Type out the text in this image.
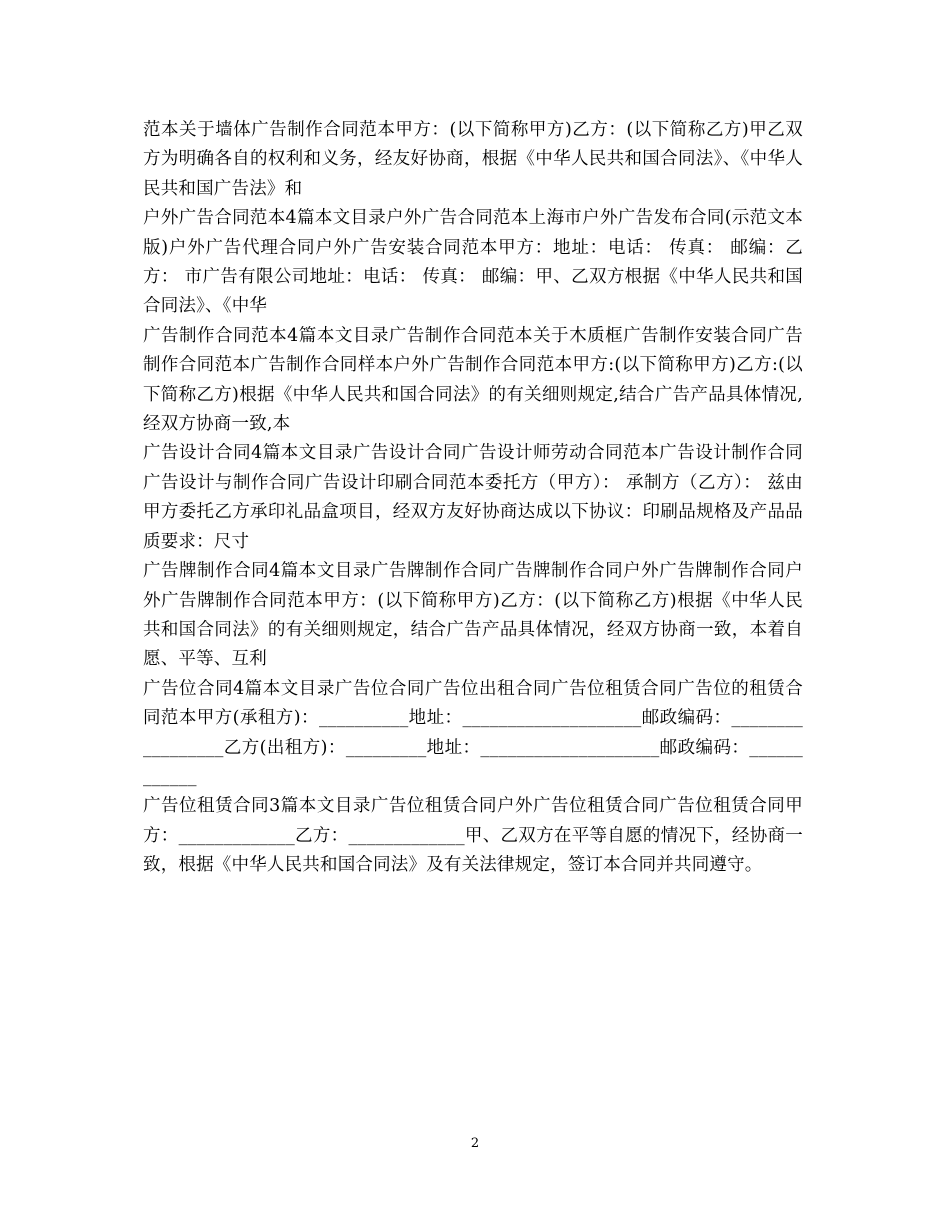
范本关于墙体广告制作合同范本甲方：(以下简称甲方)乙方：(以下简称乙方)甲乙双方为明确各自的权利和义务，经友好协商，根据《中华人民共和国合同法》、《中华人民共和国广告法》和

户外广告合同范本4篇本文目录户外广告合同范本上海市户外广告发布合同(示范文本版)户外广告代理合同户外广告安装合同范本甲方：地址：电话： 传真： 邮编：乙方： 市广告有限公司地址：电话： 传真： 邮编：甲、乙双方根据《中华人民共和国合同法》、《中华

广告制作合同范本4篇本文目录广告制作合同范本关于木质框广告制作安装合同广告制作合同范本广告制作合同样本户外广告制作合同范本甲方:(以下简称甲方)乙方:(以下简称乙方)根据《中华人民共和国合同法》的有关细则规定,结合广告产品具体情况,经双方协商一致,本

广告设计合同4篇本文目录广告设计合同广告设计师劳动合同范本广告设计制作合同广告设计与制作合同广告设计印刷合同范本委托方（甲方）： 承制方（乙方）： 兹由甲方委托乙方承印礼品盒项目，经双方友好协商达成以下协议：印刷品规格及产品品质要求：尺寸

广告牌制作合同4篇本文目录广告牌制作合同广告牌制作合同户外广告牌制作合同户外广告牌制作合同范本甲方：(以下简称甲方)乙方：(以下简称乙方)根据《中华人民共和国合同法》的有关细则规定，结合广告产品具体情况，经双方协商一致，本着自愿、平等、互利

广告位合同4篇本文目录广告位合同广告位出租合同广告位租赁合同广告位的租赁合同范本甲方(承租方)：__________地址：____________________邮政编码：_________________乙方(出租方)：_________地址：____________________邮政编码：____________

广告位租赁合同3篇本文目录广告位租赁合同户外广告位租赁合同广告位租赁合同甲方：_____________乙方：_____________甲、乙双方在平等自愿的情况下，经协商一致，根据《中华人民共和国合同法》及有关法律规定，签订本合同并共同遵守。

2
